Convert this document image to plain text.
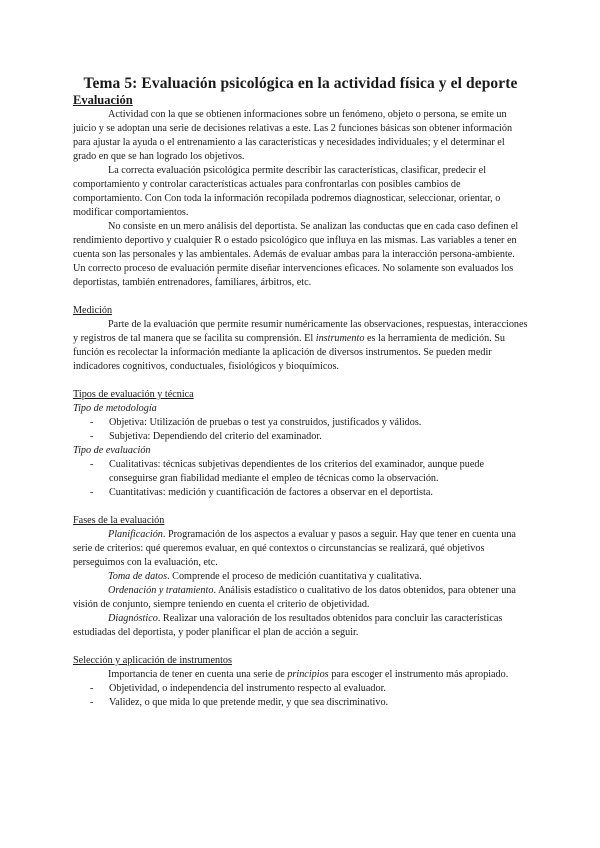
Tema 5: Evaluación psicológica en la actividad física y el deporte
Evaluación

Actividad con la que se obtienen informaciones sobre un fenómeno, objeto o persona, se emite un juicio y se adoptan una serie de decisiones relativas a este. Las 2 funciones básicas son obtener información para ajustar la ayuda o el entrenamiento a las características y necesidades individuales; y el determinar el grado en que se han logrado los objetivos.

La correcta evaluación psicológica permite describir las características, clasificar, predecir el comportamiento y controlar características actuales para confrontarlas con posibles cambios de comportamiento. Con Con toda la información recopilada podremos diagnosticar, seleccionar, orientar, o modificar comportamientos.

No consiste en un mero análisis del deportista. Se analizan las conductas que en cada caso definen el rendimiento deportivo y cualquier R o estado psicológico que influya en las mismas. Las variables a tener en cuenta son las personales y las ambientales. Además de evaluar ambas para la interacción persona-ambiente. Un correcto proceso de evaluación permite diseñar intervenciones eficaces. No solamente son evaluados los deportistas, también entrenadores, familiares, árbitros, etc.

Medición

Parte de la evaluación que permite resumir numéricamente las observaciones, respuestas, interacciones y registros de tal manera que se facilita su comprensión. El instrumento es la herramienta de medición. Su función es recolectar la información mediante la aplicación de diversos instrumentos. Se pueden medir indicadores cognitivos, conductuales, fisiológicos y bioquímicos.

Tipos de evaluación y técnica
Tipo de metodología
- Objetiva: Utilización de pruebas o test ya construidos, justificados y válidos.
- Subjetiva: Dependiendo del criterio del examinador.
Tipo de evaluación
- Cualitativas: técnicas subjetivas dependientes de los criterios del examinador, aunque puede conseguirse gran fiabilidad mediante el empleo de técnicas como la observación.
- Cuantitativas: medición y cuantificación de factores a observar en el deportista.
Fases de la evaluación

Planificación. Programación de los aspectos a evaluar y pasos a seguir. Hay que tener en cuenta una serie de criterios: qué queremos evaluar, en qué contextos o circunstancias se realizará, qué objetivos perseguimos con la evaluación, etc.

Toma de datos. Comprende el proceso de medición cuantitativa y cualitativa.

Ordenación y tratamiento. Análisis estadístico o cualitativo de los datos obtenidos, para obtener una visión de conjunto, siempre teniendo en cuenta el criterio de objetividad.

Diagnóstico. Realizar una valoración de los resultados obtenidos para concluir las características estudiadas del deportista, y poder planificar el plan de acción a seguir.

Selección y aplicación de instrumentos

Importancia de tener en cuenta una serie de principios para escoger el instrumento más apropiado.

- Objetividad, o independencia del instrumento respecto al evaluador.
- Validez, o que mida lo que pretende medir, y que sea discriminativo.
